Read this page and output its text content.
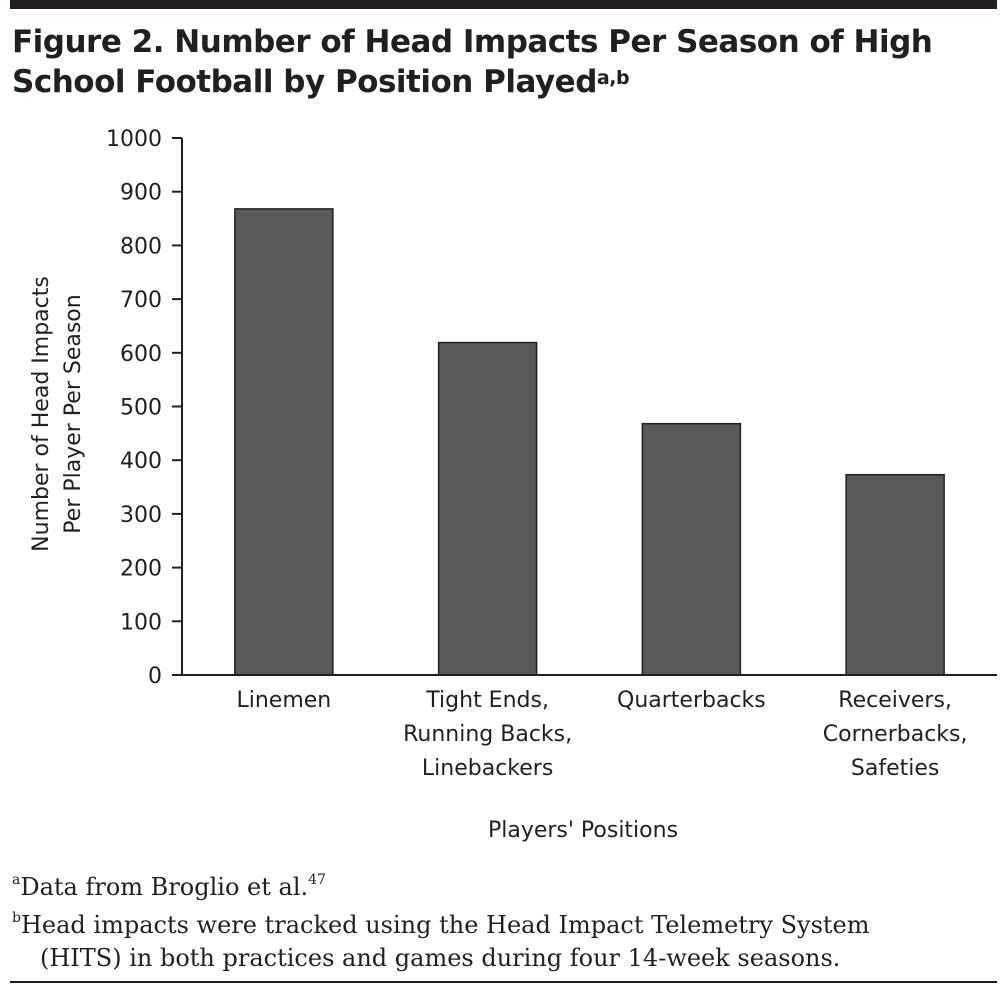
Figure 2. Number of Head Impacts Per Season of High School Football by Position Played$^{a,b}$
0
100
200
300
400
500
600
700
800
900
1000
Linemen	Tight Ends, Running Backs, Linebackers
Quarterbacks	Receivers, Cornerbacks, Safeties
Number of Head Impacts Per Player Per Season
Players' Positions
$^a$Data from Broglio et al.$^{47}$
$^b$Head impacts were tracked using the Head Impact Telemetry System
(HITS) in both practices and games during four 14-week seasons.
